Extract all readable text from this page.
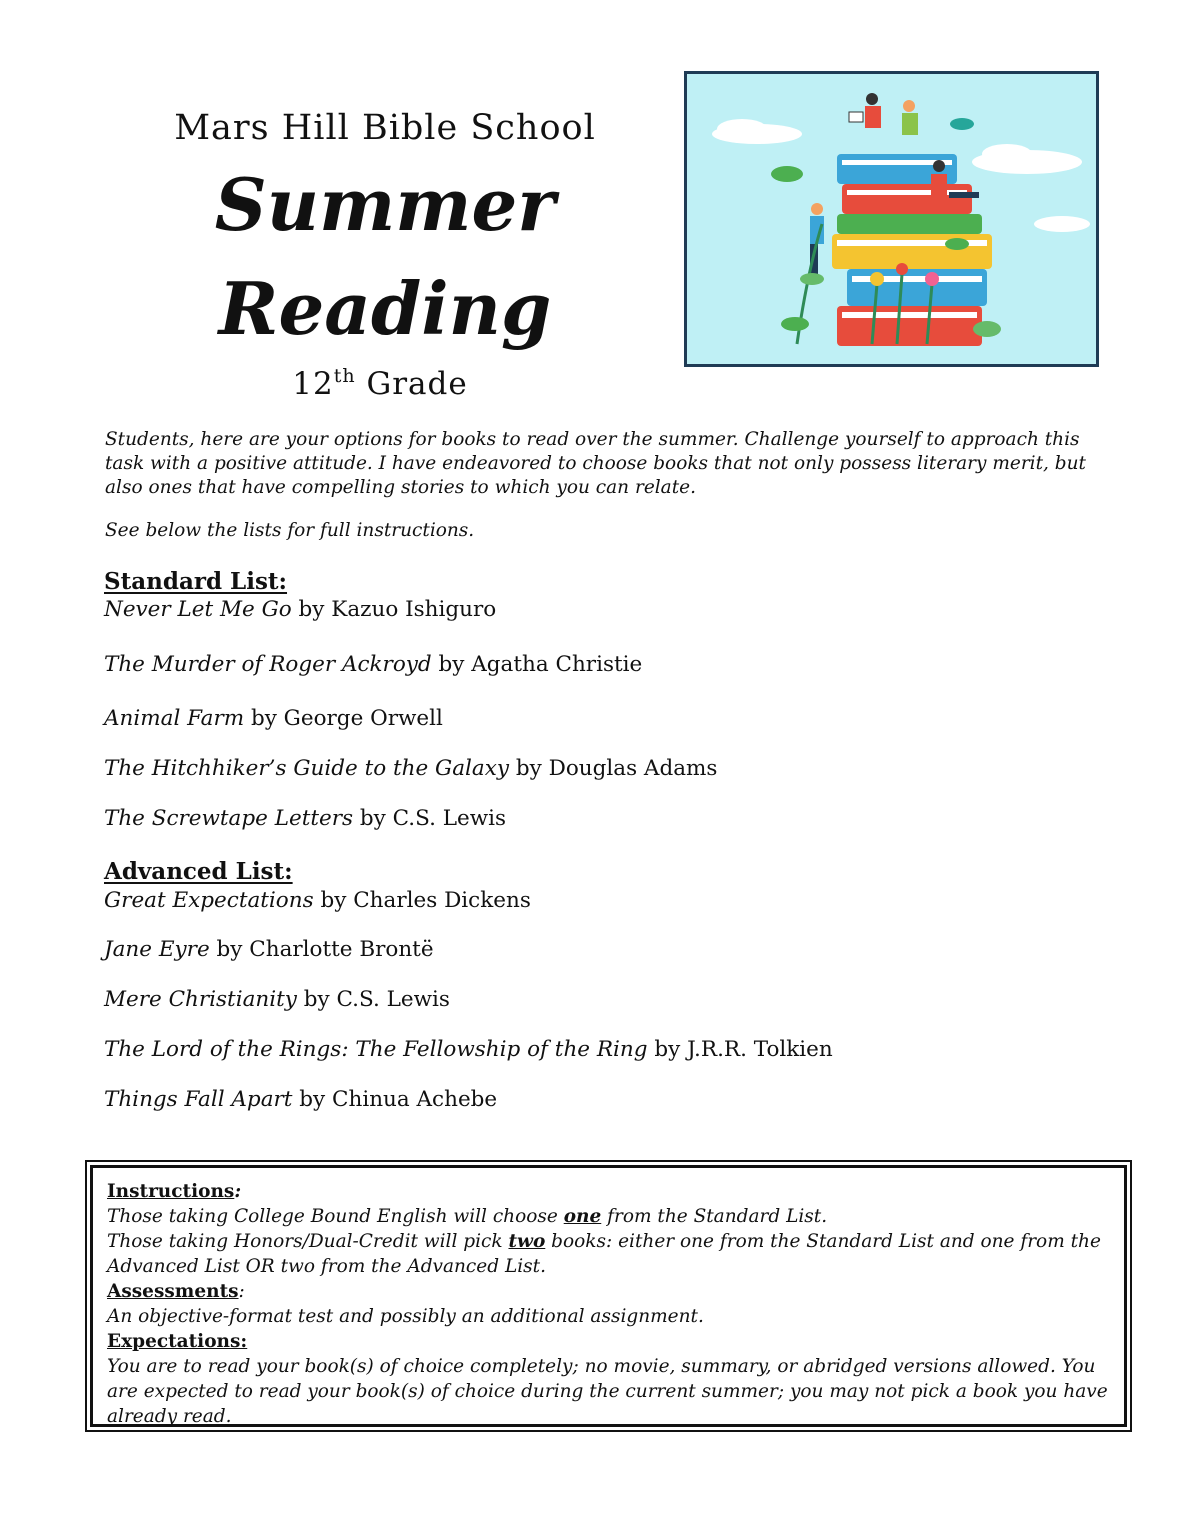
Mars Hill Bible School
Summer
Reading
12th Grade
Students, here are your options for books to read over the summer. Challenge yourself to approach this task with a positive attitude. I have endeavored to choose books that not only possess literary merit, but also ones that have compelling stories to which you can relate.
See below the lists for full instructions.
Standard List:
Never Let Me Go by Kazuo Ishiguro
The Murder of Roger Ackroyd by Agatha Christie
Animal Farm by George Orwell
The Hitchhiker’s Guide to the Galaxy by Douglas Adams
The Screwtape Letters by C.S. Lewis
Advanced List:
Great Expectations by Charles Dickens
Jane Eyre by Charlotte Brontë
Mere Christianity by C.S. Lewis
The Lord of the Rings: The Fellowship of the Ring by J.R.R. Tolkien
Things Fall Apart by Chinua Achebe
Instructions:
Those taking College Bound English will choose one from the Standard List.
Those taking Honors/Dual-Credit will pick two books: either one from the Standard List and one from the Advanced List OR two from the Advanced List.
Assessments:
An objective-format test and possibly an additional assignment.
Expectations:
You are to read your book(s) of choice completely; no movie, summary, or abridged versions allowed. You are expected to read your book(s) of choice during the current summer; you may not pick a book you have already read.
